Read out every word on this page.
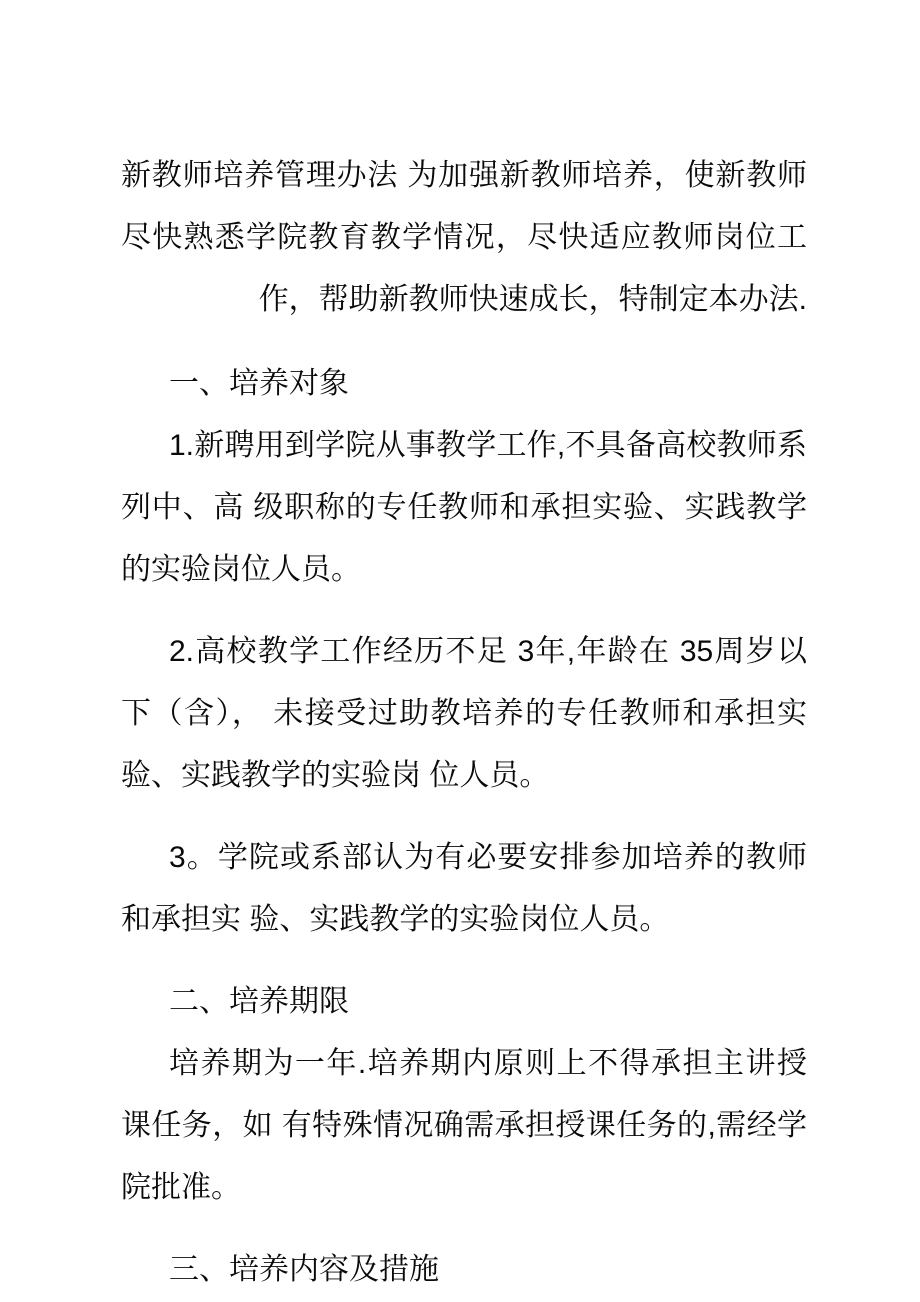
新教师培养管理办法 为加强新教师培养，使新教师尽快熟悉学院教育教学情况，尽快适应教师岗位工作，帮助新教师快速成长，特制定本办法.

一、培养对象

1.新聘用到学院从事教学工作,不具备高校教师系列中、高 级职称的专任教师和承担实验、实践教学的实验岗位人员。

2.高校教学工作经历不足 3年,年龄在 35周岁以下（含）， 未接受过助教培养的专任教师和承担实验、实践教学的实验岗 位人员。

3。学院或系部认为有必要安排参加培养的教师和承担实 验、实践教学的实验岗位人员。

二、培养期限

培养期为一年.培养期内原则上不得承担主讲授课任务，如 有特殊情况确需承担授课任务的,需经学院批准。

三、培养内容及措施
